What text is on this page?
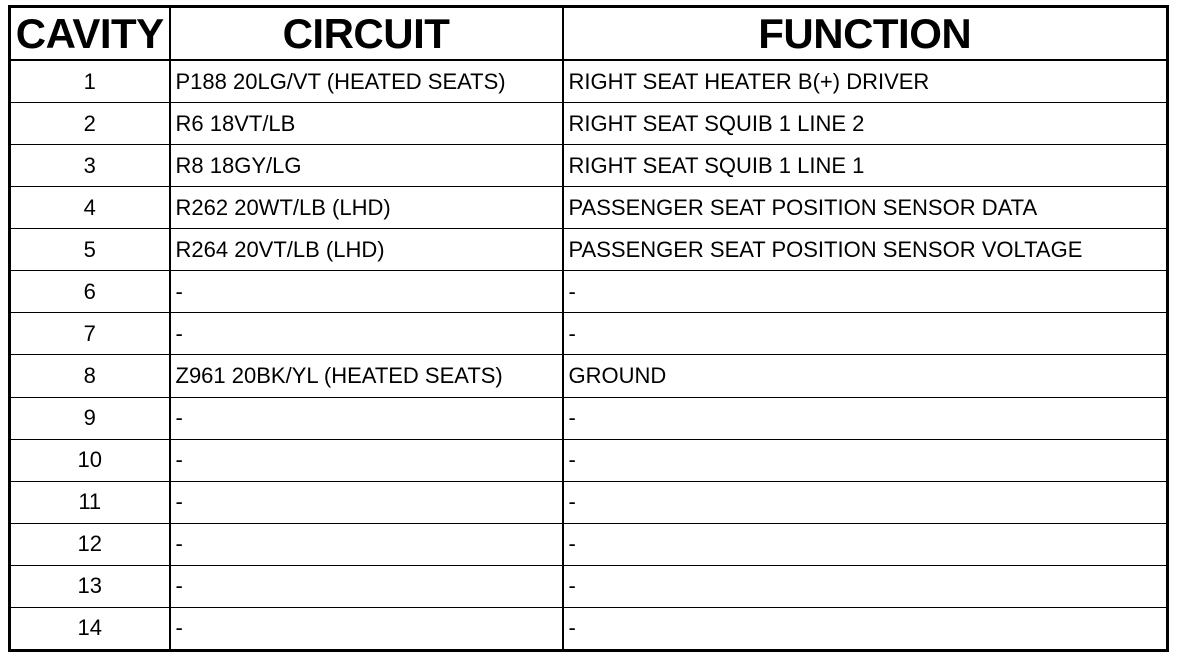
CAVITY	CIRCUIT	FUNCTION
1	P188 20LG/VT (HEATED SEATS)	RIGHT SEAT HEATER B(+) DRIVER
2	R6 18VT/LB	RIGHT SEAT SQUIB 1 LINE 2
3	R8 18GY/LG	RIGHT SEAT SQUIB 1 LINE 1
4	R262 20WT/LB (LHD)	PASSENGER SEAT POSITION SENSOR DATA
5	R264 20VT/LB (LHD)	PASSENGER SEAT POSITION SENSOR VOLTAGE
6	-	-
7	-	-
8	Z961 20BK/YL (HEATED SEATS)	GROUND
9	-	-
10	-	-
11	-	-
12	-	-
13	-	-
14	-	-
